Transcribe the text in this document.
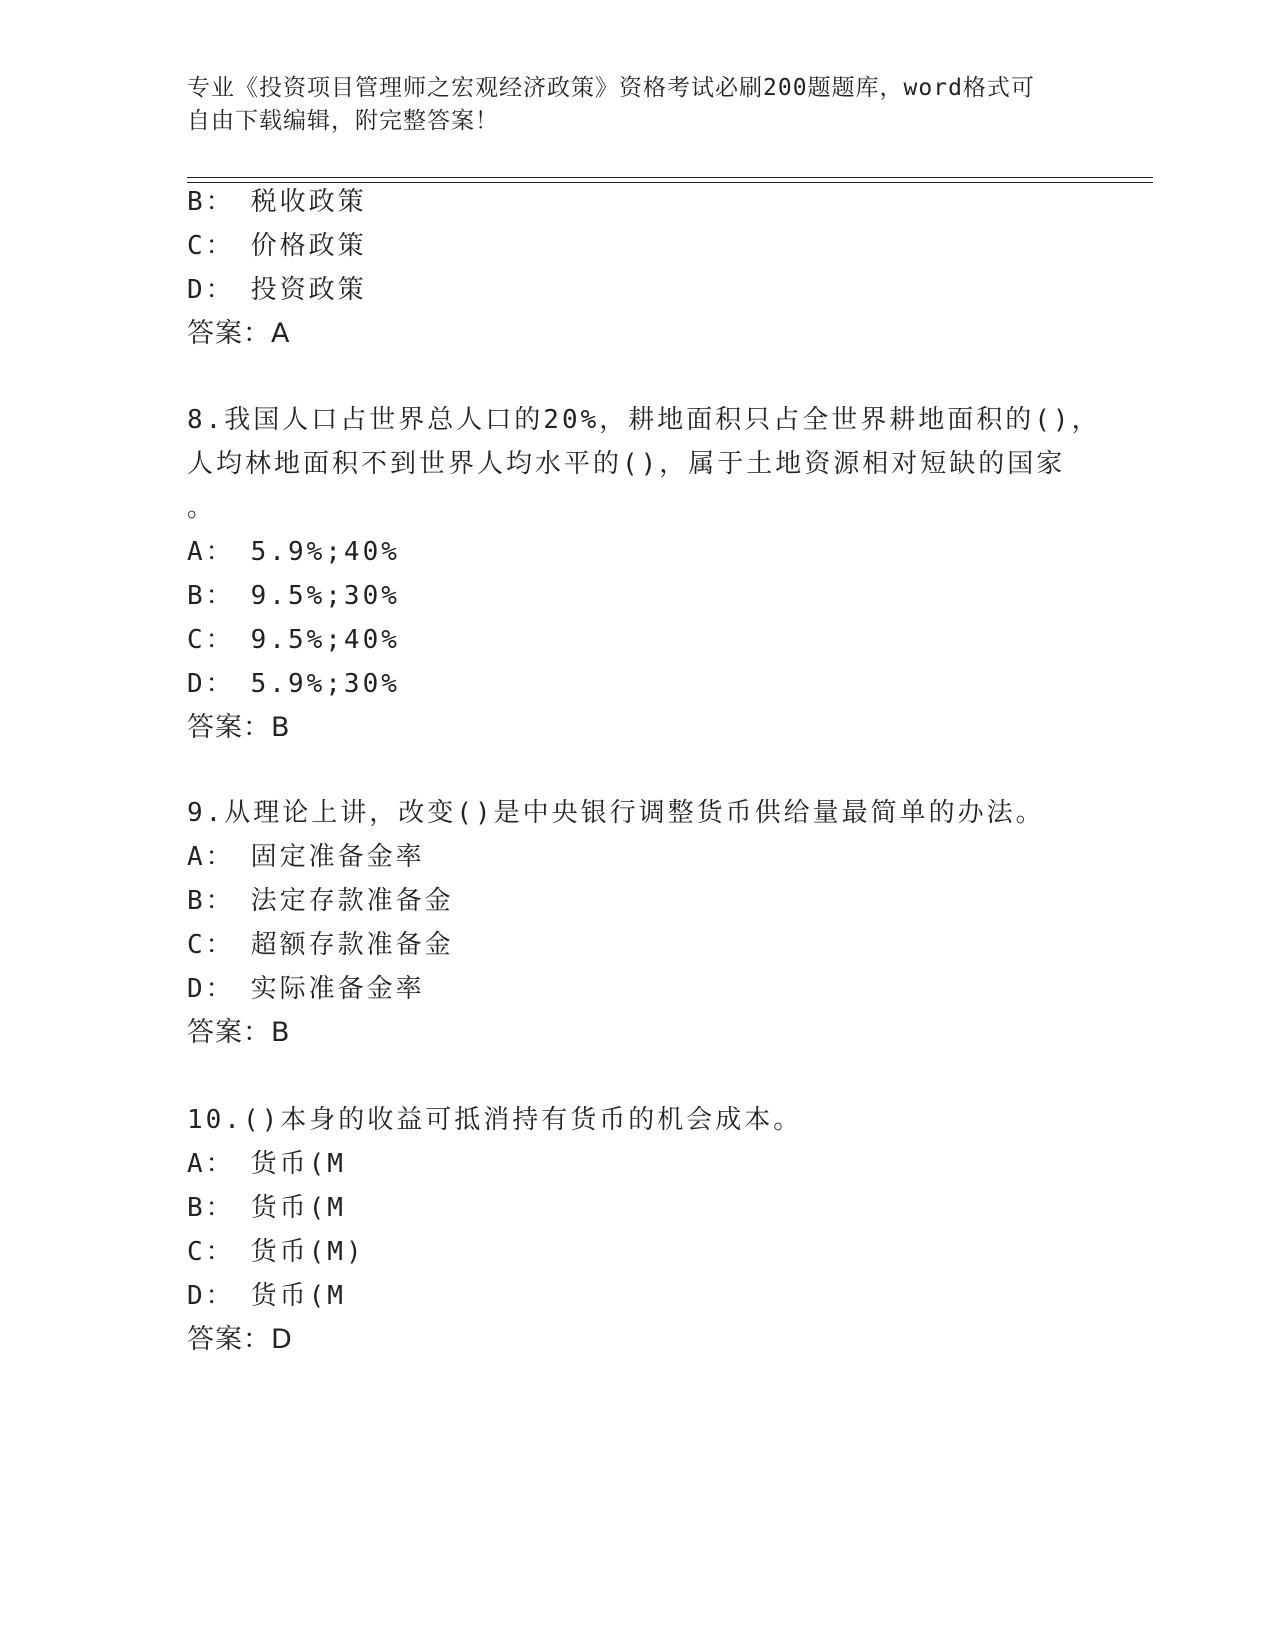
专业《投资项目管理师之宏观经济政策》资格考试必刷200题题库，word格式可
自由下载编辑，附完整答案！
B： 税收政策
C： 价格政策
D： 投资政策
答案：A
8.我国人口占世界总人口的20%，耕地面积只占全世界耕地面积的()，
人均林地面积不到世界人均水平的()，属于土地资源相对短缺的国家
。
A： 5.9%;40%
B： 9.5%;30%
C： 9.5%;40%
D： 5.9%;30%
答案：B
9.从理论上讲，改变()是中央银行调整货币供给量最简单的办法。
A： 固定准备金率
B： 法定存款准备金
C： 超额存款准备金
D： 实际准备金率
答案：B
10.()本身的收益可抵消持有货币的机会成本。
A： 货币(M
B： 货币(M
C： 货币(M)
D： 货币(M
答案：D
